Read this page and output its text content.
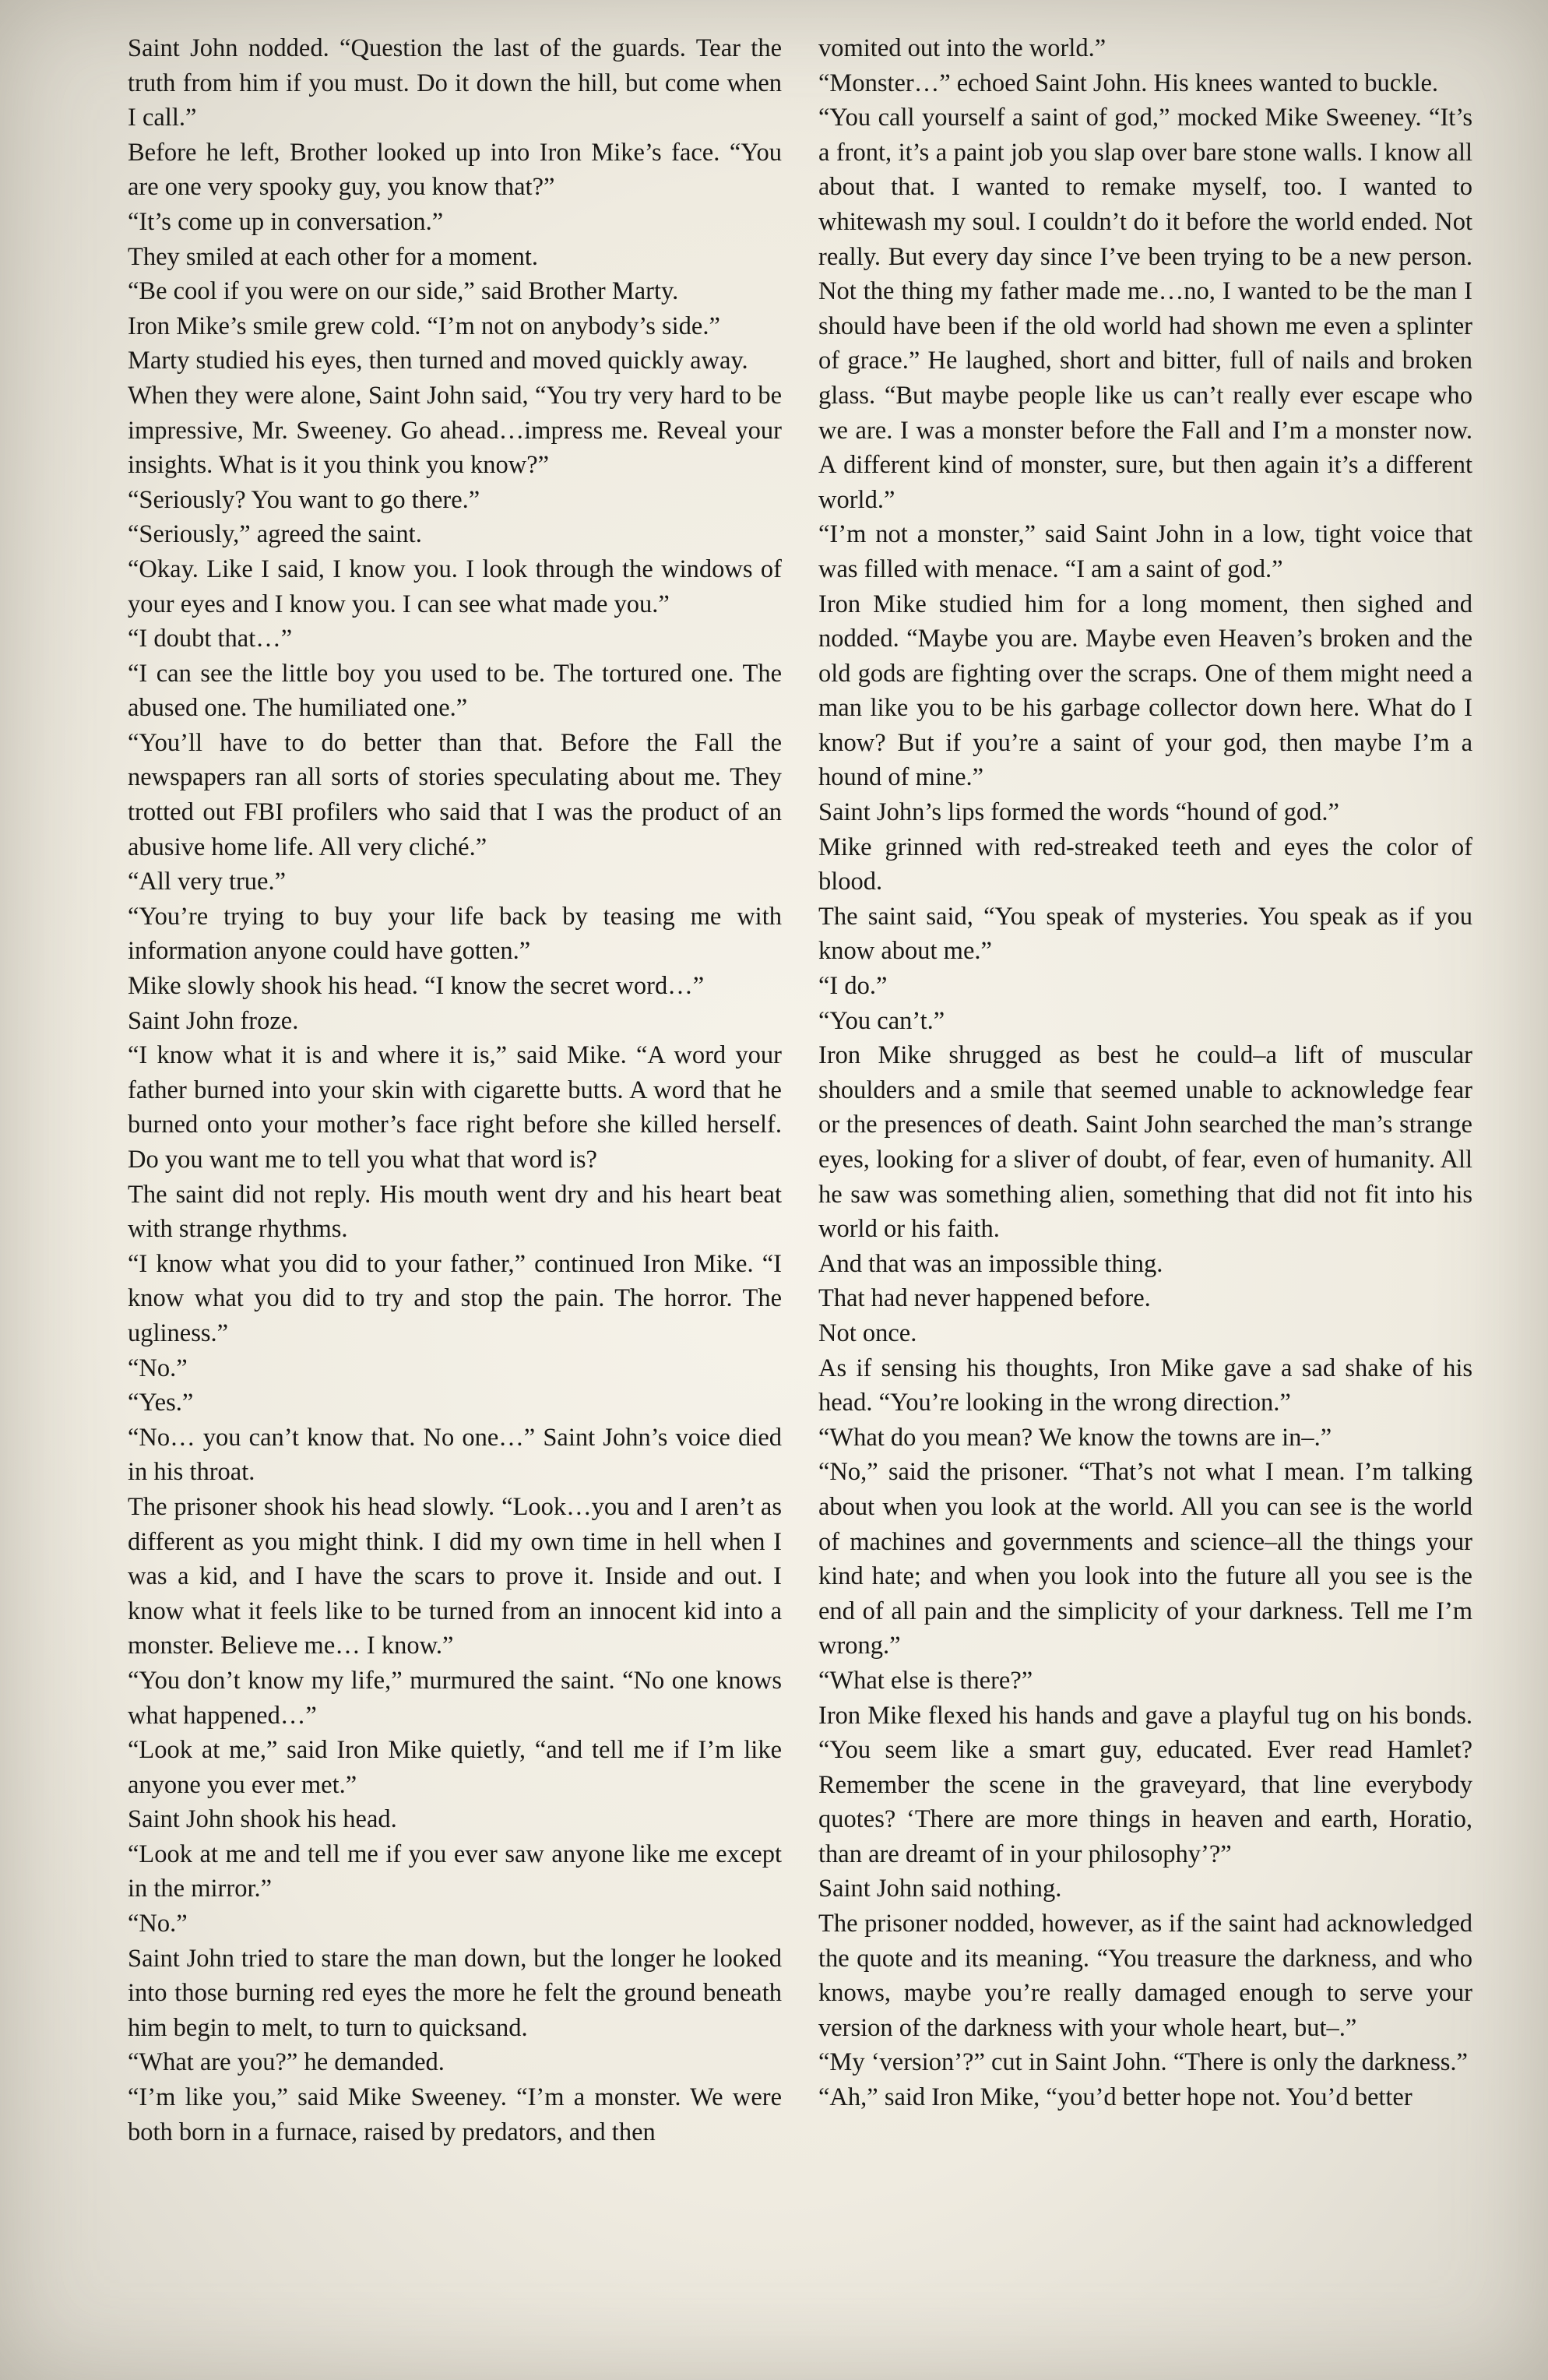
Saint John nodded. “Question the last of the guards. Tear the truth from him if you must. Do it down the hill, but come when I call.”

Before he left, Brother looked up into Iron Mike’s face. “You are one very spooky guy, you know that?”

“It’s come up in conversation.”

They smiled at each other for a moment.

“Be cool if you were on our side,” said Brother Marty.

Iron Mike’s smile grew cold. “I’m not on anybody’s side.”

Marty studied his eyes, then turned and moved quickly away.

When they were alone, Saint John said, “You try very hard to be impressive, Mr. Sweeney. Go ahead…impress me. Reveal your insights. What is it you think you know?”

“Seriously? You want to go there.”

“Seriously,” agreed the saint.

“Okay. Like I said, I know you. I look through the windows of your eyes and I know you. I can see what made you.”

“I doubt that…”

“I can see the little boy you used to be. The tortured one. The abused one. The humiliated one.”

“You’ll have to do better than that. Before the Fall the newspapers ran all sorts of stories speculating about me. They trotted out FBI profilers who said that I was the product of an abusive home life. All very cliché.”

“All very true.”

“You’re trying to buy your life back by teasing me with information anyone could have gotten.”

Mike slowly shook his head. “I know the secret word…”

Saint John froze.

“I know what it is and where it is,” said Mike. “A word your father burned into your skin with cigarette butts. A word that he burned onto your mother’s face right before she killed herself. Do you want me to tell you what that word is?

The saint did not reply. His mouth went dry and his heart beat with strange rhythms.

“I know what you did to your father,” continued Iron Mike. “I know what you did to try and stop the pain. The horror. The ugliness.”

“No.”

“Yes.”

“No… you can’t know that. No one…” Saint John’s voice died in his throat.

The prisoner shook his head slowly. “Look…you and I aren’t as different as you might think. I did my own time in hell when I was a kid, and I have the scars to prove it. Inside and out. I know what it feels like to be turned from an innocent kid into a monster. Believe me… I know.”

“You don’t know my life,” murmured the saint. “No one knows what happened…”

“Look at me,” said Iron Mike quietly, “and tell me if I’m like anyone you ever met.”

Saint John shook his head.

“Look at me and tell me if you ever saw anyone like me except in the mirror.”

“No.”

Saint John tried to stare the man down, but the longer he looked into those burning red eyes the more he felt the ground beneath him begin to melt, to turn to quicksand.

“What are you?” he demanded.

“I’m like you,” said Mike Sweeney. “I’m a monster. We were both born in a furnace, raised by predators, and then

vomited out into the world.”

“Monster…” echoed Saint John. His knees wanted to buckle.

“You call yourself a saint of god,” mocked Mike Sweeney. “It’s a front, it’s a paint job you slap over bare stone walls. I know all about that. I wanted to remake myself, too. I wanted to whitewash my soul. I couldn’t do it before the world ended. Not really. But every day since I’ve been trying to be a new person. Not the thing my father made me…no, I wanted to be the man I should have been if the old world had shown me even a splinter of grace.” He laughed, short and bitter, full of nails and broken glass. “But maybe people like us can’t really ever escape who we are. I was a monster before the Fall and I’m a monster now. A different kind of monster, sure, but then again it’s a different world.”

“I’m not a monster,” said Saint John in a low, tight voice that was filled with menace. “I am a saint of god.”

Iron Mike studied him for a long moment, then sighed and nodded. “Maybe you are. Maybe even Heaven’s broken and the old gods are fighting over the scraps. One of them might need a man like you to be his garbage collector down here. What do I know? But if you’re a saint of your god, then maybe I’m a hound of mine.”

Saint John’s lips formed the words “hound of god.”

Mike grinned with red-streaked teeth and eyes the color of blood.

The saint said, “You speak of mysteries. You speak as if you know about me.”

“I do.”

“You can’t.”

Iron Mike shrugged as best he could–a lift of muscular shoulders and a smile that seemed unable to acknowledge fear or the presences of death. Saint John searched the man’s strange eyes, looking for a sliver of doubt, of fear, even of humanity. All he saw was something alien, something that did not fit into his world or his faith.

And that was an impossible thing.

That had never happened before.

Not once.

As if sensing his thoughts, Iron Mike gave a sad shake of his head. “You’re looking in the wrong direction.”

“What do you mean? We know the towns are in–.”

“No,” said the prisoner. “That’s not what I mean. I’m talking about when you look at the world. All you can see is the world of machines and governments and science–all the things your kind hate; and when you look into the future all you see is the end of all pain and the simplicity of your darkness. Tell me I’m wrong.”

“What else is there?”

Iron Mike flexed his hands and gave a playful tug on his bonds. “You seem like a smart guy, educated. Ever read Hamlet? Remember the scene in the graveyard, that line everybody quotes? ‘There are more things in heaven and earth, Horatio, than are dreamt of in your philosophy’?”

Saint John said nothing.

The prisoner nodded, however, as if the saint had acknowledged the quote and its meaning. “You treasure the darkness, and who knows, maybe you’re really damaged enough to serve your version of the darkness with your whole heart, but–.”

“My ‘version’?” cut in Saint John. “There is only the darkness.”

“Ah,” said Iron Mike, “you’d better hope not. You’d better
